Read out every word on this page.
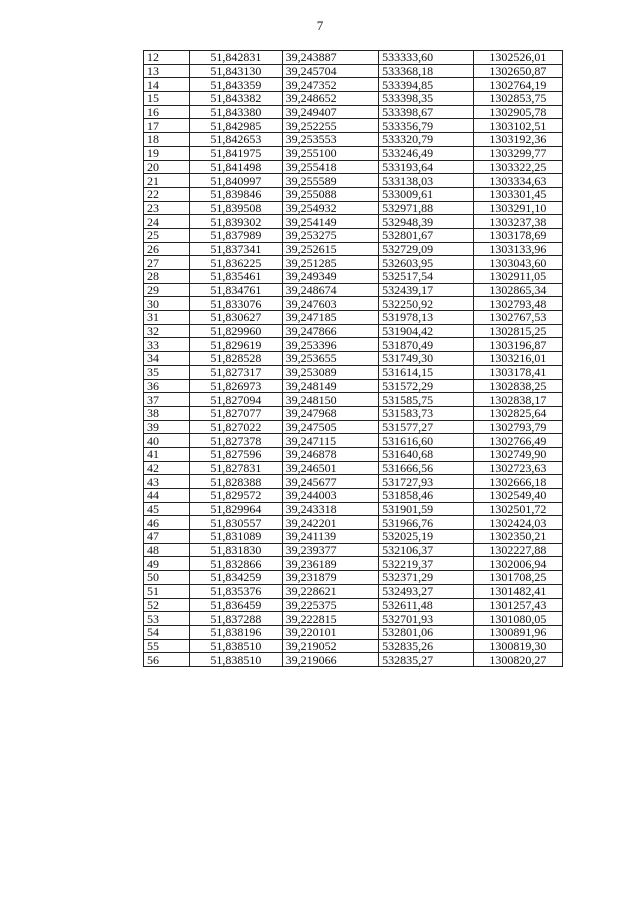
7
12	51,842831	39,243887	533333,60	1302526,01
13	51,843130	39,245704	533368,18	1302650,87
14	51,843359	39,247352	533394,85	1302764,19
15	51,843382	39,248652	533398,35	1302853,75
16	51,843380	39,249407	533398,67	1302905,78
17	51,842985	39,252255	533356,79	1303102,51
18	51,842653	39,253553	533320,79	1303192,36
19	51,841975	39,255100	533246,49	1303299,77
20	51,841498	39,255418	533193,64	1303322,25
21	51,840997	39,255589	533138,03	1303334,63
22	51,839846	39,255088	533009,61	1303301,45
23	51,839508	39,254932	532971,88	1303291,10
24	51,839302	39,254149	532948,39	1303237,38
25	51,837989	39,253275	532801,67	1303178,69
26	51,837341	39,252615	532729,09	1303133,96
27	51,836225	39,251285	532603,95	1303043,60
28	51,835461	39,249349	532517,54	1302911,05
29	51,834761	39,248674	532439,17	1302865,34
30	51,833076	39,247603	532250,92	1302793,48
31	51,830627	39,247185	531978,13	1302767,53
32	51,829960	39,247866	531904,42	1302815,25
33	51,829619	39,253396	531870,49	1303196,87
34	51,828528	39,253655	531749,30	1303216,01
35	51,827317	39,253089	531614,15	1303178,41
36	51,826973	39,248149	531572,29	1302838,25
37	51,827094	39,248150	531585,75	1302838,17
38	51,827077	39,247968	531583,73	1302825,64
39	51,827022	39,247505	531577,27	1302793,79
40	51,827378	39,247115	531616,60	1302766,49
41	51,827596	39,246878	531640,68	1302749,90
42	51,827831	39,246501	531666,56	1302723,63
43	51,828388	39,245677	531727,93	1302666,18
44	51,829572	39,244003	531858,46	1302549,40
45	51,829964	39,243318	531901,59	1302501,72
46	51,830557	39,242201	531966,76	1302424,03
47	51,831089	39,241139	532025,19	1302350,21
48	51,831830	39,239377	532106,37	1302227,88
49	51,832866	39,236189	532219,37	1302006,94
50	51,834259	39,231879	532371,29	1301708,25
51	51,835376	39,228621	532493,27	1301482,41
52	51,836459	39,225375	532611,48	1301257,43
53	51,837288	39,222815	532701,93	1301080,05
54	51,838196	39,220101	532801,06	1300891,96
55	51,838510	39,219052	532835,26	1300819,30
56	51,838510	39,219066	532835,27	1300820,27
